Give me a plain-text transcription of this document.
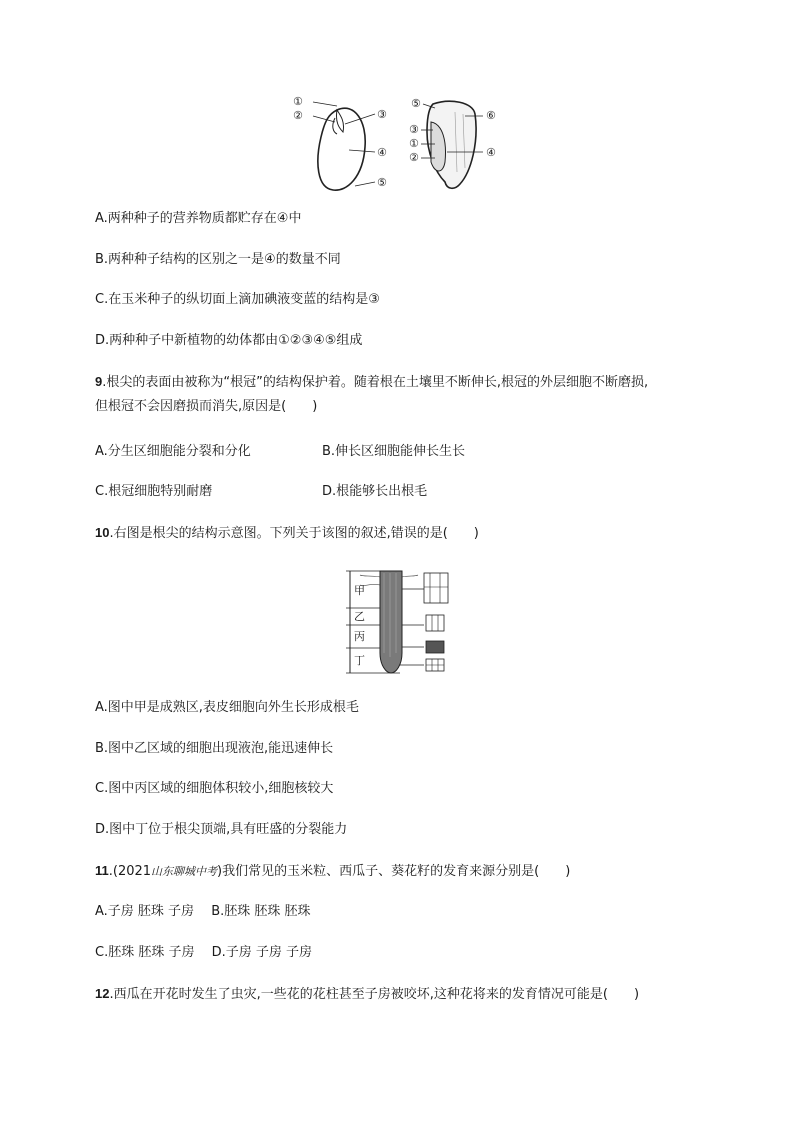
①
②	③
④
⑤
⑤
⑥
③
①
④
②
A.两种种子的营养物质都贮存在④中
B.两种种子结构的区别之一是④的数量不同
C.在玉米种子的纵切面上滴加碘液变蓝的结构是③
D.两种种子中新植物的幼体都由①②③④⑤组成
9.根尖的表面由被称为“根冠”的结构保护着。随着根在土壤里不断伸长,根冠的外层细胞不断磨损,
但根冠不会因磨损而消失,原因是(　　)
A.分生区细胞能分裂和分化	B.伸长区细胞能伸长生长
C.根冠细胞特别耐磨	D.根能够长出根毛
10.右图是根尖的结构示意图。下列关于该图的叙述,错误的是(　　)
甲
乙
丙
丁
A.图中甲是成熟区,表皮细胞向外生长形成根毛
B.图中乙区域的细胞出现液泡,能迅速伸长
C.图中丙区域的细胞体积较小,细胞核较大
D.图中丁位于根尖顶端,具有旺盛的分裂能力
11.(2021山东聊城中考)我们常见的玉米粒、西瓜子、葵花籽的发育来源分别是(　　)
A.子房 胚珠 子房　 B.胚珠 胚珠 胚珠
C.胚珠 胚珠 子房　 D.子房 子房 子房
12.西瓜在开花时发生了虫灾,一些花的花柱甚至子房被咬坏,这种花将来的发育情况可能是(　　)
